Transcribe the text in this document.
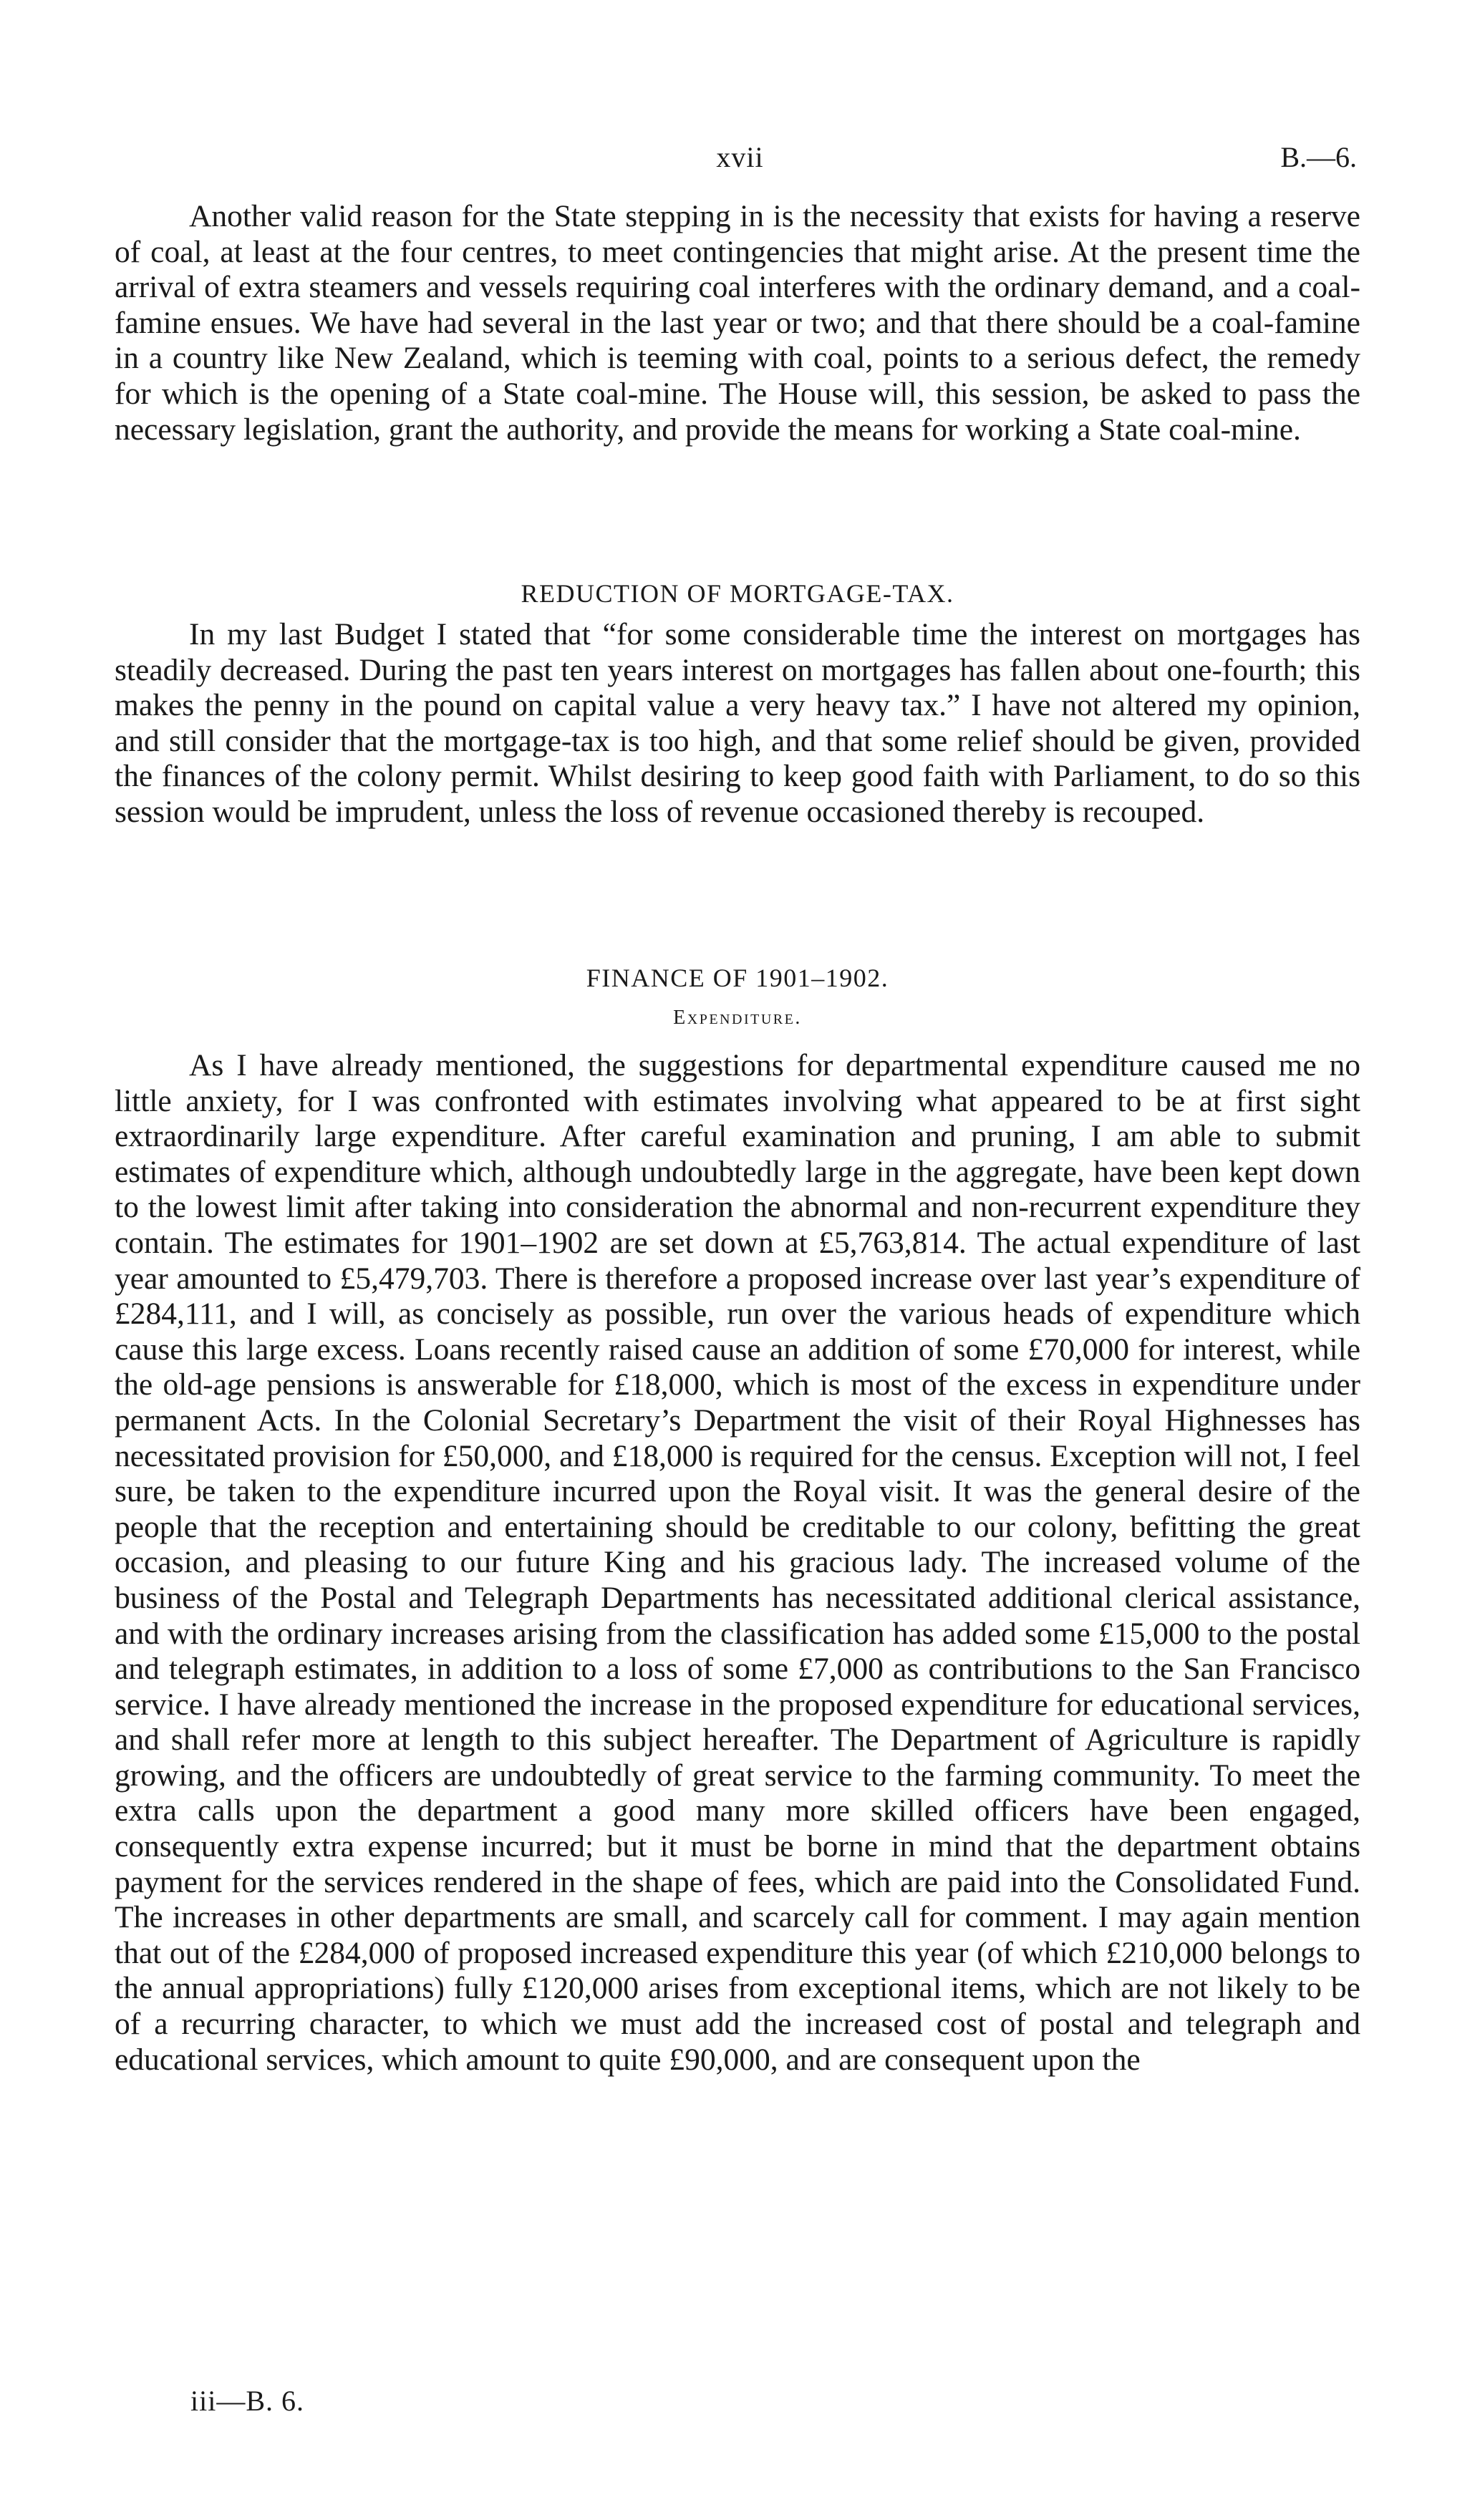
xvii	B.—6.

Another valid reason for the State stepping in is the necessity that exists for having a reserve of coal, at least at the four centres, to meet contingencies that might arise. At the present time the arrival of extra steamers and vessels requiring coal interferes with the ordinary demand, and a coal-famine ensues. We have had several in the last year or two; and that there should be a coal-famine in a country like New Zealand, which is teeming with coal, points to a serious defect, the remedy for which is the opening of a State coal-mine. The House will, this session, be asked to pass the necessary legislation, grant the authority, and provide the means for working a State coal-mine.

REDUCTION OF MORTGAGE-TAX.

In my last Budget I stated that “for some considerable time the interest on mortgages has steadily decreased. During the past ten years interest on mortgages has fallen about one-fourth; this makes the penny in the pound on capital value a very heavy tax.” I have not altered my opinion, and still consider that the mortgage-tax is too high, and that some relief should be given, provided the finances of the colony permit. Whilst desiring to keep good faith with Parliament, to do so this session would be imprudent, unless the loss of revenue occasioned thereby is recouped.

FINANCE OF 1901–1902.
Expenditure.

As I have already mentioned, the suggestions for departmental expenditure caused me no little anxiety, for I was confronted with estimates involving what appeared to be at first sight extraordinarily large expenditure. After careful examination and pruning, I am able to submit estimates of expenditure which, although undoubtedly large in the aggregate, have been kept down to the lowest limit after taking into consideration the abnormal and non-recurrent expenditure they contain. The estimates for 1901–1902 are set down at £5,763,814. The actual expenditure of last year amounted to £5,479,703. There is therefore a proposed increase over last year’s expenditure of £284,111, and I will, as concisely as possible, run over the various heads of expenditure which cause this large excess. Loans recently raised cause an addition of some £70,000 for interest, while the old-age pensions is answerable for £18,000, which is most of the excess in expenditure under permanent Acts. In the Colonial Secretary’s Department the visit of their Royal Highnesses has necessitated provision for £50,000, and £18,000 is required for the census. Exception will not, I feel sure, be taken to the expenditure incurred upon the Royal visit. It was the general desire of the people that the reception and entertaining should be creditable to our colony, befitting the great occasion, and pleasing to our future King and his gracious lady. The increased volume of the business of the Postal and Telegraph Departments has necessitated additional clerical assistance, and with the ordinary increases arising from the classification has added some £15,000 to the postal and telegraph estimates, in addition to a loss of some £7,000 as contributions to the San Francisco service. I have already mentioned the increase in the proposed expenditure for educational services, and shall refer more at length to this subject hereafter. The Department of Agriculture is rapidly growing, and the officers are undoubtedly of great service to the farming community. To meet the extra calls upon the department a good many more skilled officers have been engaged, consequently extra expense incurred; but it must be borne in mind that the department obtains payment for the services rendered in the shape of fees, which are paid into the Consolidated Fund. The increases in other departments are small, and scarcely call for comment. I may again mention that out of the £284,000 of proposed increased expenditure this year (of which £210,000 belongs to the annual appropriations) fully £120,000 arises from exceptional items, which are not likely to be of a recurring character, to which we must add the increased cost of postal and telegraph and educational services, which amount to quite £90,000, and are consequent upon the

iii—B. 6.
